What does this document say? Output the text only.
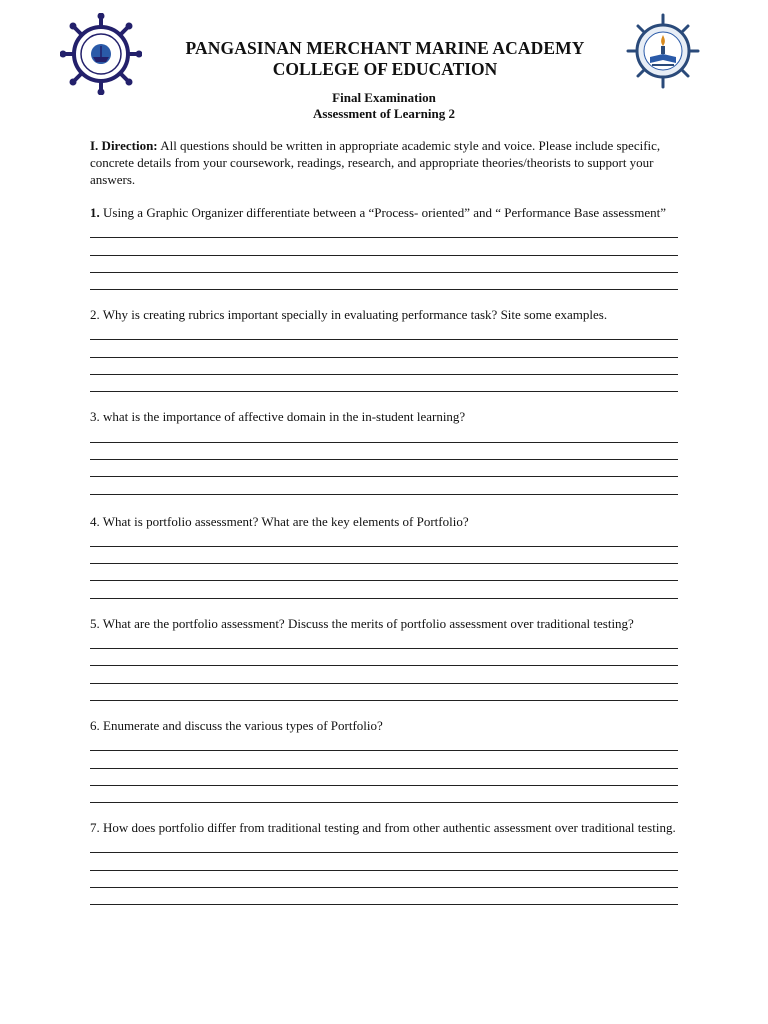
PANGASINAN MERCHANT MARINE ACADEMY
COLLEGE OF EDUCATION
Final Examination
Assessment of Learning 2

I. Direction: All questions should be written in appropriate academic style and voice. Please include specific, concrete details from your coursework, readings, research, and appropriate theories/theorists to support your answers.

1. Using a Graphic Organizer differentiate between a “Process- oriented” and “ Performance Base assessment”

2. Why is creating rubrics important specially in evaluating performance task? Site some examples.

3. what is the importance of affective domain in the in-student learning?

4. What is portfolio assessment? What are the key elements of Portfolio?

5. What are the portfolio assessment? Discuss the merits of portfolio assessment over traditional testing?

6. Enumerate and discuss the various types of Portfolio?

7. How does portfolio differ from traditional testing and from other authentic assessment over traditional testing.
